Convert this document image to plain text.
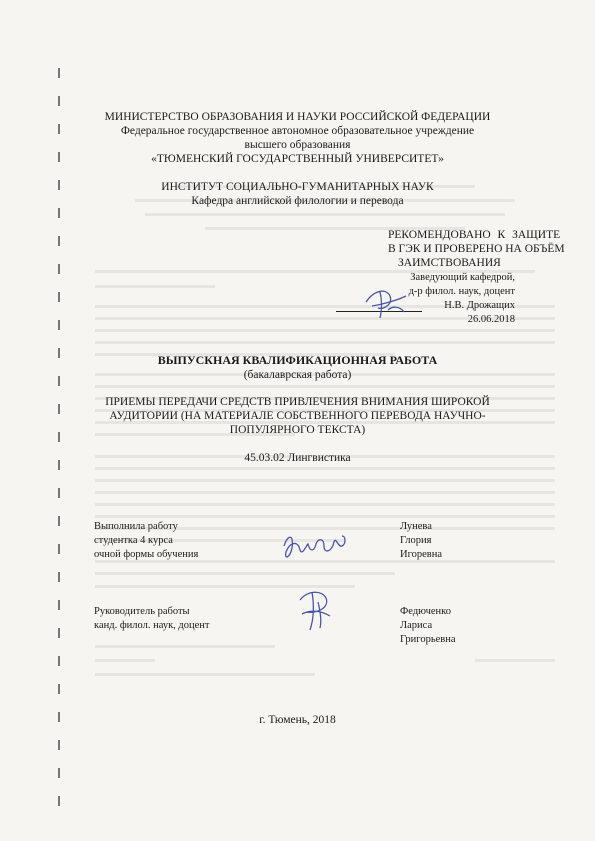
МИНИСТЕРСТВО ОБРАЗОВАНИЯ И НАУКИ РОССИЙСКОЙ ФЕДЕРАЦИИ
Федеральное государственное автономное образовательное учреждение
высшего образования
«ТЮМЕНСКИЙ ГОСУДАРСТВЕННЫЙ УНИВЕРСИТЕТ»
ИНСТИТУТ СОЦИАЛЬНО-ГУМАНИТАРНЫХ НАУК
Кафедра английской филологии и перевода
РЕКОМЕНДОВАНО К ЗАЩИТЕ
В ГЭК И ПРОВЕРЕНО НА ОБЪЁМ
ЗАИМСТВОВАНИЯ
Заведующий кафедрой,
д-р филол. наук, доцент
Н.В. Дрожащих
26.06.2018
ВЫПУСКНАЯ КВАЛИФИКАЦИОННАЯ РАБОТА
(бакалаврская работа)
ПРИЕМЫ ПЕРЕДАЧИ СРЕДСТВ ПРИВЛЕЧЕНИЯ ВНИМАНИЯ ШИРОКОЙ
АУДИТОРИИ (НА МАТЕРИАЛЕ СОБСТВЕННОГО ПЕРЕВОДА НАУЧНО-
ПОПУЛЯРНОГО ТЕКСТА)
45.03.02 Лингвистика
Выполнила работу
студентка 4 курса
очной формы обучения
Лунева
Глория
Игоревна
Руководитель работы
канд. филол. наук, доцент
Федюченко
Лариса
Григорьевна
г. Тюмень, 2018
